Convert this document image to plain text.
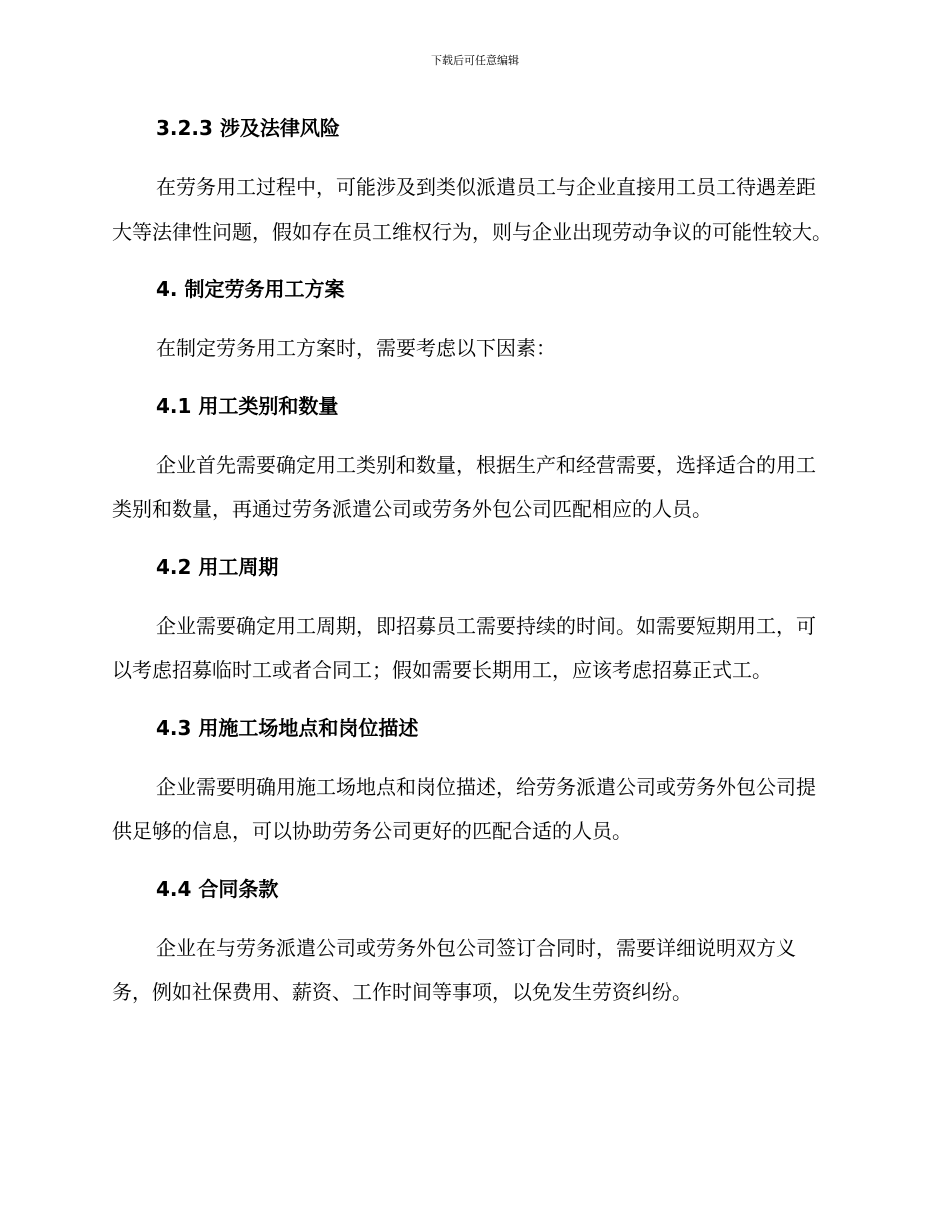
下载后可任意编辑
3.2.3 涉及法律风险

在劳务用工过程中，可能涉及到类似派遣员工与企业直接用工员工待遇差距大等法律性问题，假如存在员工维权行为，则与企业出现劳动争议的可能性较大。

4. 制定劳务用工方案

在制定劳务用工方案时，需要考虑以下因素：

4.1 用工类别和数量

企业首先需要确定用工类别和数量，根据生产和经营需要，选择适合的用工类别和数量，再通过劳务派遣公司或劳务外包公司匹配相应的人员。

4.2 用工周期

企业需要确定用工周期，即招募员工需要持续的时间。如需要短期用工，可以考虑招募临时工或者合同工；假如需要长期用工，应该考虑招募正式工。

4.3 用施工场地点和岗位描述

企业需要明确用施工场地点和岗位描述，给劳务派遣公司或劳务外包公司提供足够的信息，可以协助劳务公司更好的匹配合适的人员。

4.4 合同条款

企业在与劳务派遣公司或劳务外包公司签订合同时，需要详细说明双方义务，例如社保费用、薪资、工作时间等事项，以免发生劳资纠纷。
